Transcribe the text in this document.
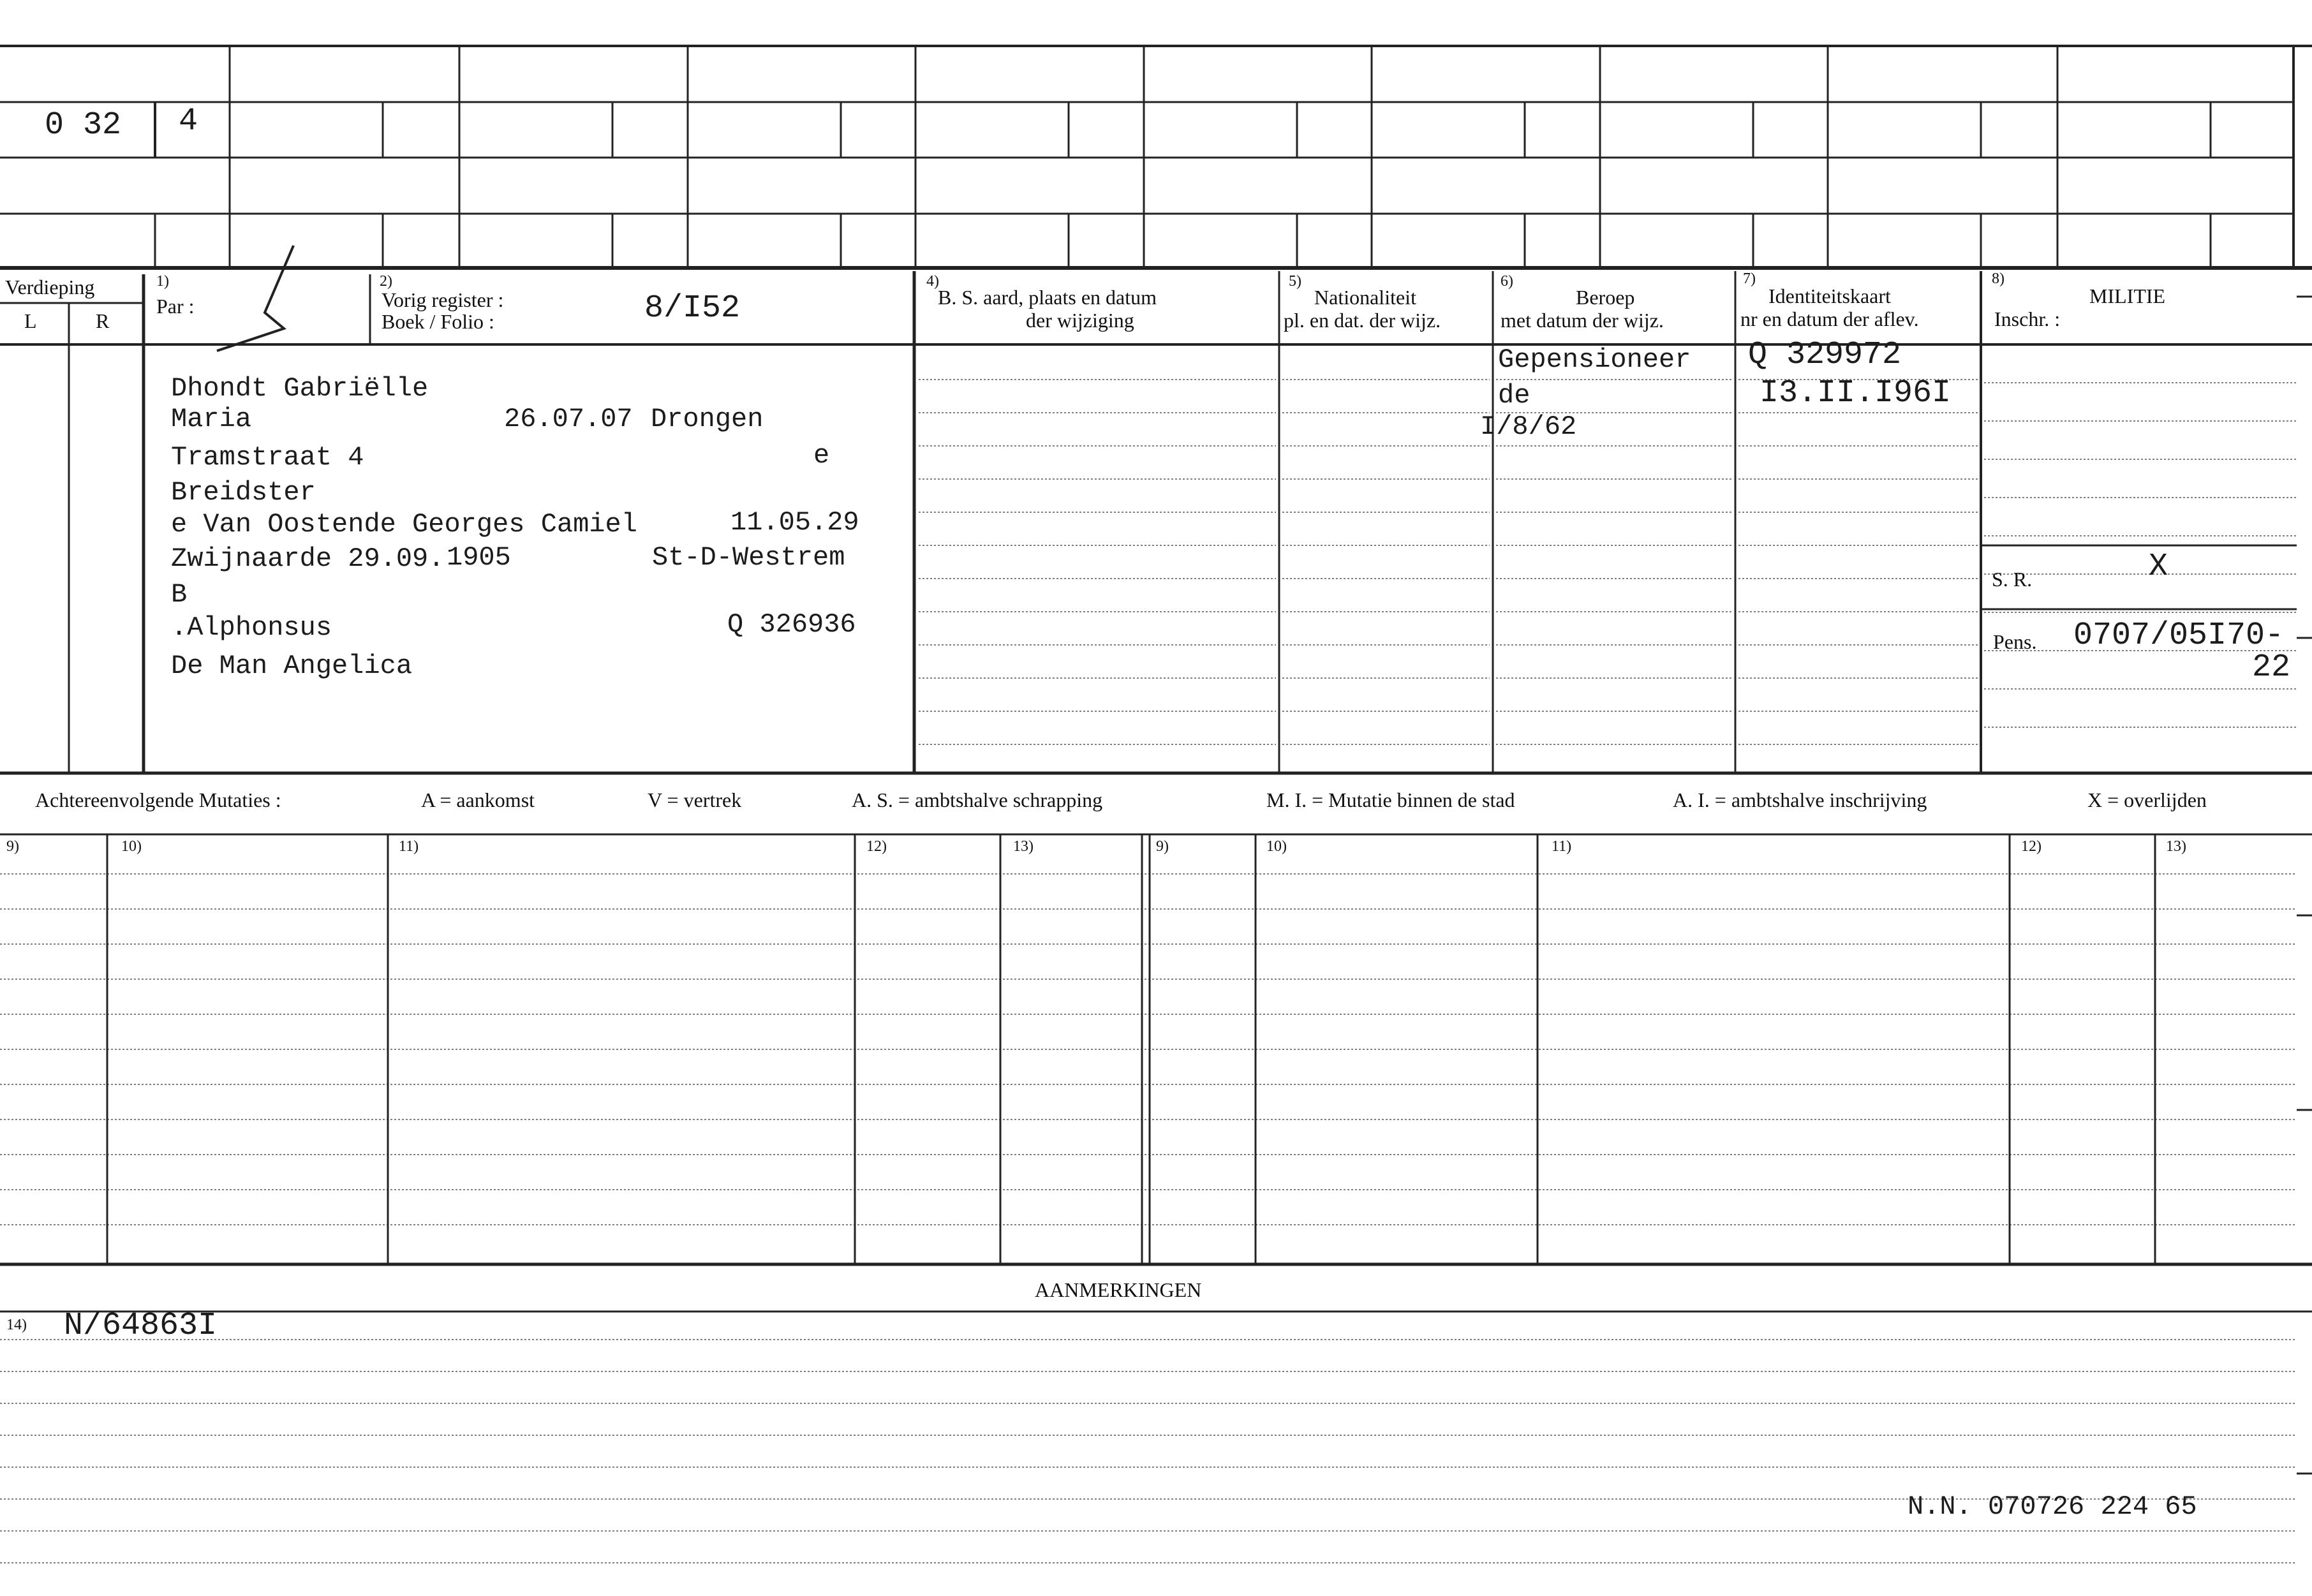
0 32 4
Verdieping
L	R
1)
Par :
2)
Vorig register :
Boek / Folio :	8/I52
4)
B. S. aard, plaats en datum
der wijziging
5)
Nationaliteit
pl. en dat. der wijz.
6)
Beroep
met datum der wijz.
7)
Identiteitskaart
nr en datum der aflev.
8)
MILITIE
Inschr. :
S. R.	X
Pens. 0707/05I70-
22
Dhondt Gabriëlle
Maria	26.07.07 Drongen
Tramstraat 4	e
Breidster
e Van Oostende Georges Camiel	11.05.29
Zwijnaarde 29.09. 1905	St-D-Westrem
B
.Alphonsus	Q 326936
De Man Angelica
Gepensioneer
de
I/8/62
Q 329972
I3.II.I96I
Achtereenvolgende Mutaties :	A = aankomst	V = vertrek	A. S. = ambtshalve schrapping	M. I. = Mutatie binnen de stad	A. I. = ambtshalve inschrijving	X = overlijden
9)	10)	11)	12)	13)	9)	10)	11)	12)	13)
AANMERKINGEN
14) N/64863I
N.N. 070726 224 65
